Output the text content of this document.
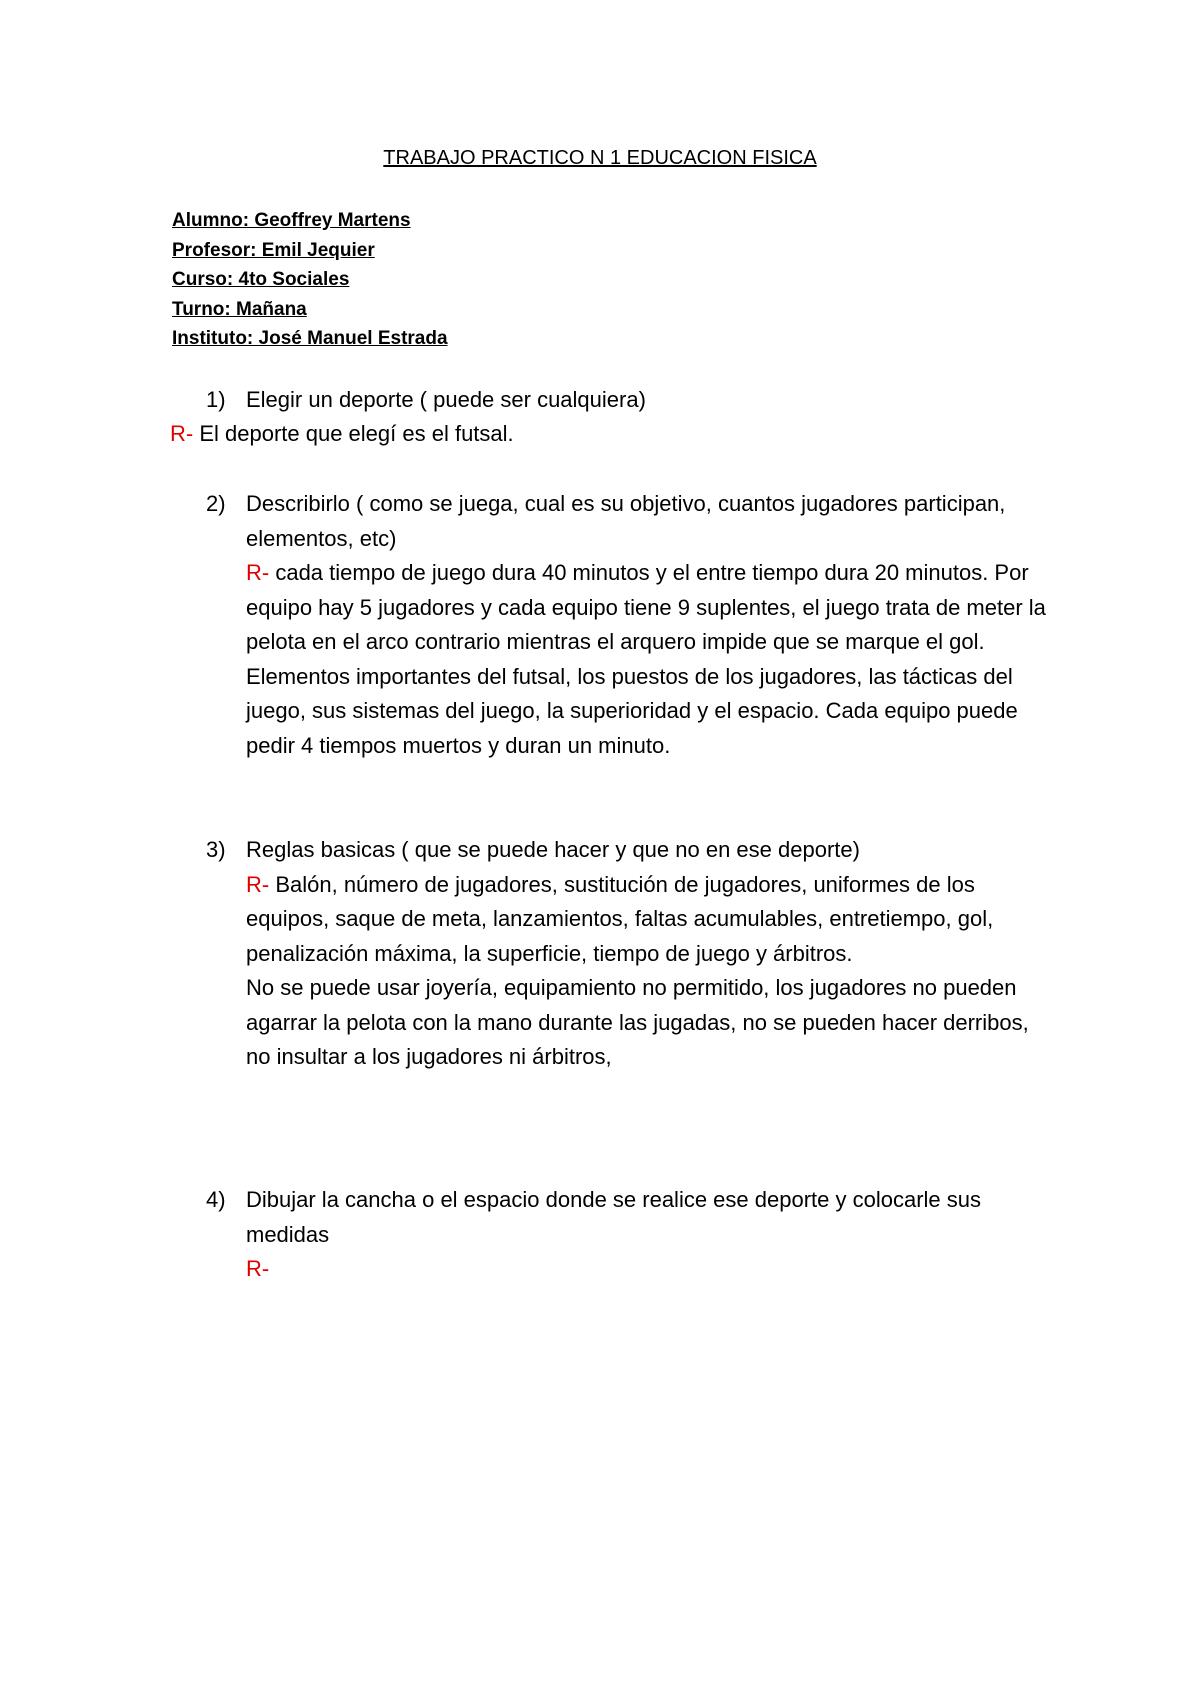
TRABAJO PRACTICO N 1 EDUCACION FISICA
Alumno: Geoffrey Martens
Profesor: Emil Jequier
Curso: 4to Sociales
Turno: Mañana
Instituto: José Manuel Estrada
1) Elegir un deporte ( puede ser cualquiera)
R- El deporte que elegí es el futsal.
2) Describirlo ( como se juega, cual es su objetivo, cuantos jugadores participan, elementos, etc)
R- cada tiempo de juego dura 40 minutos y el entre tiempo dura 20 minutos. Por equipo hay 5 jugadores y cada equipo tiene 9 suplentes, el juego trata de meter la pelota en el arco contrario mientras el arquero impide que se marque el gol. Elementos importantes del futsal, los puestos de los jugadores, las tácticas del juego, sus sistemas del juego, la superioridad y el espacio. Cada equipo puede pedir 4 tiempos muertos y duran un minuto.
3) Reglas basicas ( que se puede hacer y que no en ese deporte)
R- Balón, número de jugadores, sustitución de jugadores, uniformes de los equipos, saque de meta, lanzamientos, faltas acumulables, entretiempo, gol, penalización máxima, la superficie, tiempo de juego y árbitros.
No se puede usar joyería, equipamiento no permitido, los jugadores no pueden agarrar la pelota con la mano durante las jugadas, no se pueden hacer derribos, no insultar a los jugadores ni árbitros,
4) Dibujar la cancha o el espacio donde se realice ese deporte y colocarle sus medidas
R-
